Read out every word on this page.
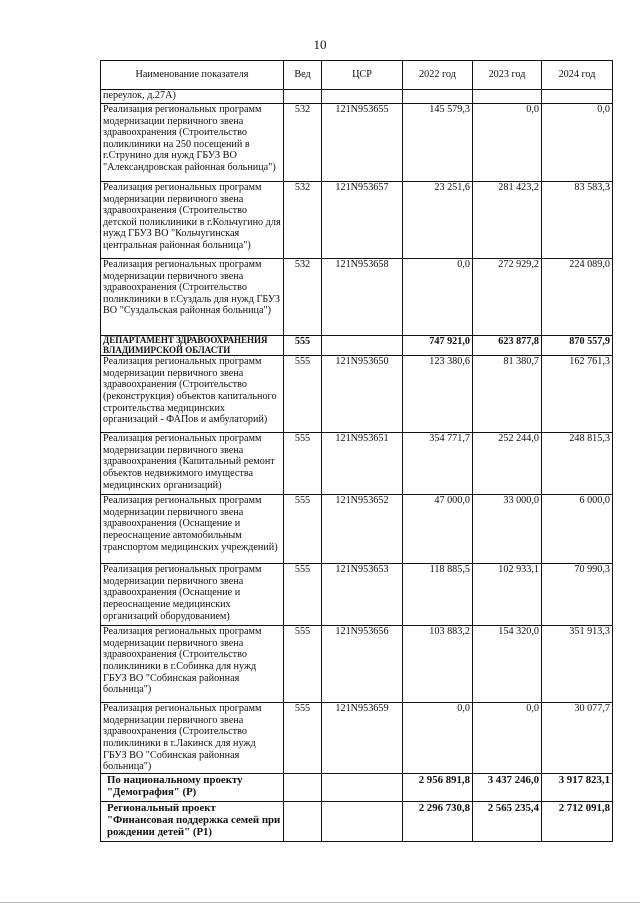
10
Наименование показателя	Вед	ЦСР	2022 год	2023 год	2024 год
переулок, д.27А)					
Реализация региональных программ модернизации первичного звена здравоохранения (Строительство поликлиники на 250 посещений в г.Струнино для нужд ГБУЗ ВО "Александровская районная больница")	532	121N953655	145 579,3	0,0	0,0
Реализация региональных программ модернизации первичного звена здравоохранения (Строительство детской поликлиники в г.Кольчугино для нужд ГБУЗ ВО "Кольчугинская центральная районная больница")	532	121N953657	23 251,6	281 423,2	83 583,3
Реализация региональных программ модернизации первичного звена здравоохранения (Строительство поликлиники в г.Суздаль для нужд ГБУЗ ВО "Суздальская районная больница")	532	121N953658	0,0	272 929,2	224 089,0
ДЕПАРТАМЕНТ ЗДРАВООХРАНЕНИЯ ВЛАДИМИРСКОЙ ОБЛАСТИ	555		747 921,0	623 877,8	870 557,9
Реализация региональных программ модернизации первичного звена здравоохранения (Строительство (реконструкция) объектов капитального строительства медицинских организаций - ФАПов и амбулаторий)	555	121N953650	123 380,6	81 380,7	162 761,3
Реализация региональных программ модернизации первичного звена здравоохранения (Капитальный ремонт объектов недвижимого имущества медицинских организаций)	555	121N953651	354 771,7	252 244,0	248 815,3
Реализация региональных программ модернизации первичного звена здравоохранения (Оснащение и переоснащение автомобильным транспортом медицинских учреждений)	555	121N953652	47 000,0	33 000,0	6 000,0
Реализация региональных программ модернизации первичного звена здравоохранения (Оснащение и переоснащение медицинских организаций оборудованием)	555	121N953653	118 885,5	102 933,1	70 990,3
Реализация региональных программ модернизации первичного звена здравоохранения (Строительство поликлиники в г.Собинка для нужд ГБУЗ ВО "Собинская районная больница")	555	121N953656	103 883,2	154 320,0	351 913,3
Реализация региональных программ модернизации первичного звена здравоохранения (Строительство поликлиники в г.Лакинск для нужд ГБУЗ ВО "Собинская районная больница")	555	121N953659	0,0	0,0	30 077,7
По национальному проекту "Демография" (P)			2 956 891,8	3 437 246,0	3 917 823,1
Региональный проект "Финансовая поддержка семей при рождении детей" (P1)			2 296 730,8	2 565 235,4	2 712 091,8
